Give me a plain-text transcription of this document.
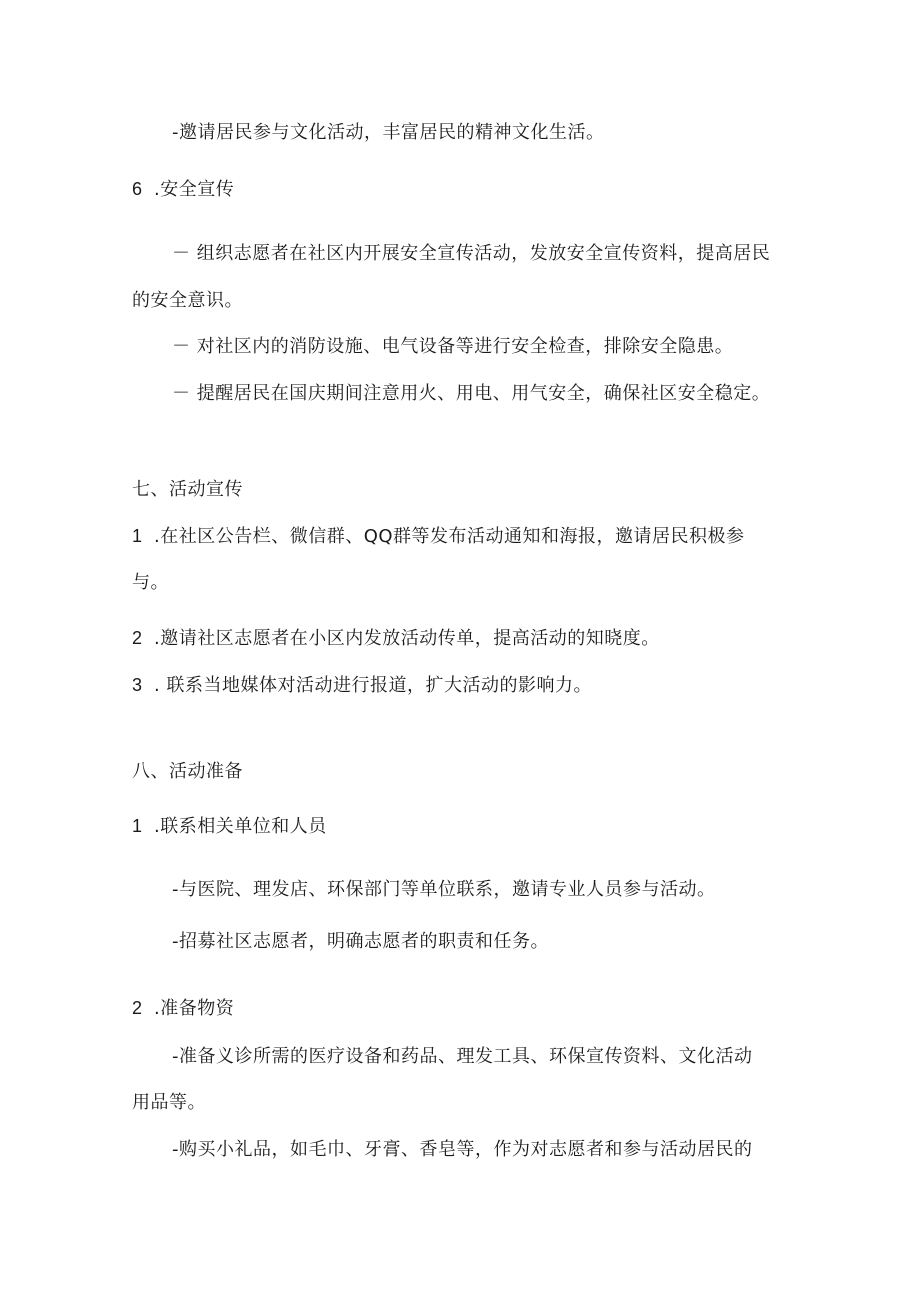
-邀请居民参与文化活动，丰富居民的精神文化生活。
6 .安全宣传
－ 组织志愿者在社区内开展安全宣传活动，发放安全宣传资料，提高居民
的安全意识。
－ 对社区内的消防设施、电气设备等进行安全检查，排除安全隐患。
－ 提醒居民在国庆期间注意用火、用电、用气安全，确保社区安全稳定。
七、活动宣传
1 .在社区公告栏、微信群、QQ群等发布活动通知和海报，邀请居民积极参
与。
2 .邀请社区志愿者在小区内发放活动传单，提高活动的知晓度。
3 . 联系当地媒体对活动进行报道，扩大活动的影响力。
八、活动准备
1 .联系相关单位和人员
-与医院、理发店、环保部门等单位联系，邀请专业人员参与活动。
-招募社区志愿者，明确志愿者的职责和任务。
2 .准备物资
-准备义诊所需的医疗设备和药品、理发工具、环保宣传资料、文化活动
用品等。
-购买小礼品，如毛巾、牙膏、香皂等，作为对志愿者和参与活动居民的
